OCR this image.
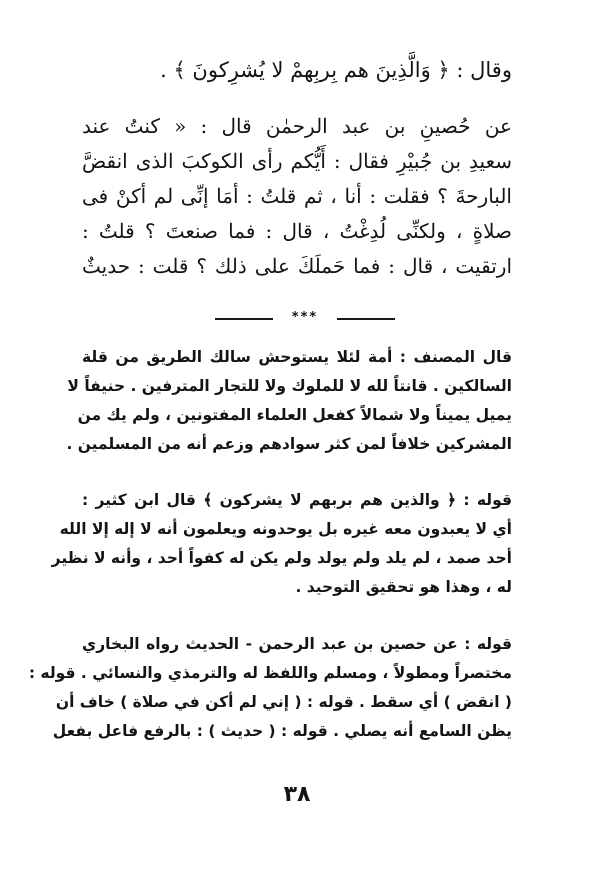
وقال : ﴿ وَالَّذِينَ هم بِربِهمْ لا يُشرِكونَ ﴾ .
عن حُصينِ بن عبد الرحمٰن قال : « كنتُ عند
سعيدِ بن جُبيْرِ فقال : أَيُّكم رأى الكوكبَ الذى انقضَّ
البارحةَ ؟ فقلت : أنا ، ثم قلتُ : أمَا إنِّى لم أكنْ فى
صلاةٍ ، ولكنِّى لُدِغْتُ ، قال : فما صنعتَ ؟ قلتُ :
ارتقيت ، قال : فما حَملَكَ على ذلك ؟ قلت : حديثٌ
***
قال المصنف : أمة لئلا يستوحش سالك الطريق من قلة
السالكين . قانتاً لله لا للملوك ولا للتجار المترفين . حنيفاً لا
يميل يميناً ولا شمالاً كفعل العلماء المفتونين ، ولم يك من
المشركين خلافاً لمن كثر سوادهم وزعم أنه من المسلمين .
قوله : ﴿ والذين هم بربهم لا يشركون ﴾ قال ابن كثير :
أي لا يعبدون معه غيره بل يوحدونه ويعلمون أنه لا إله إلا الله
أحد صمد ، لم يلد ولم يولد ولم يكن له كفواً أحد ، وأنه لا نظير
له ، وهذا هو تحقيق التوحيد .
قوله : عن حصين بن عبد الرحمن - الحديث رواه البخاري
مختصراً ومطولاً ، ومسلم واللفظ له والترمذي والنسائي . قوله :
( انقض ) أي سقط . قوله : ( إني لم أكن في صلاة ) خاف أن
يظن السامع أنه يصلي . قوله : ( حديث ) : بالرفع فاعل بفعل
٣٨
